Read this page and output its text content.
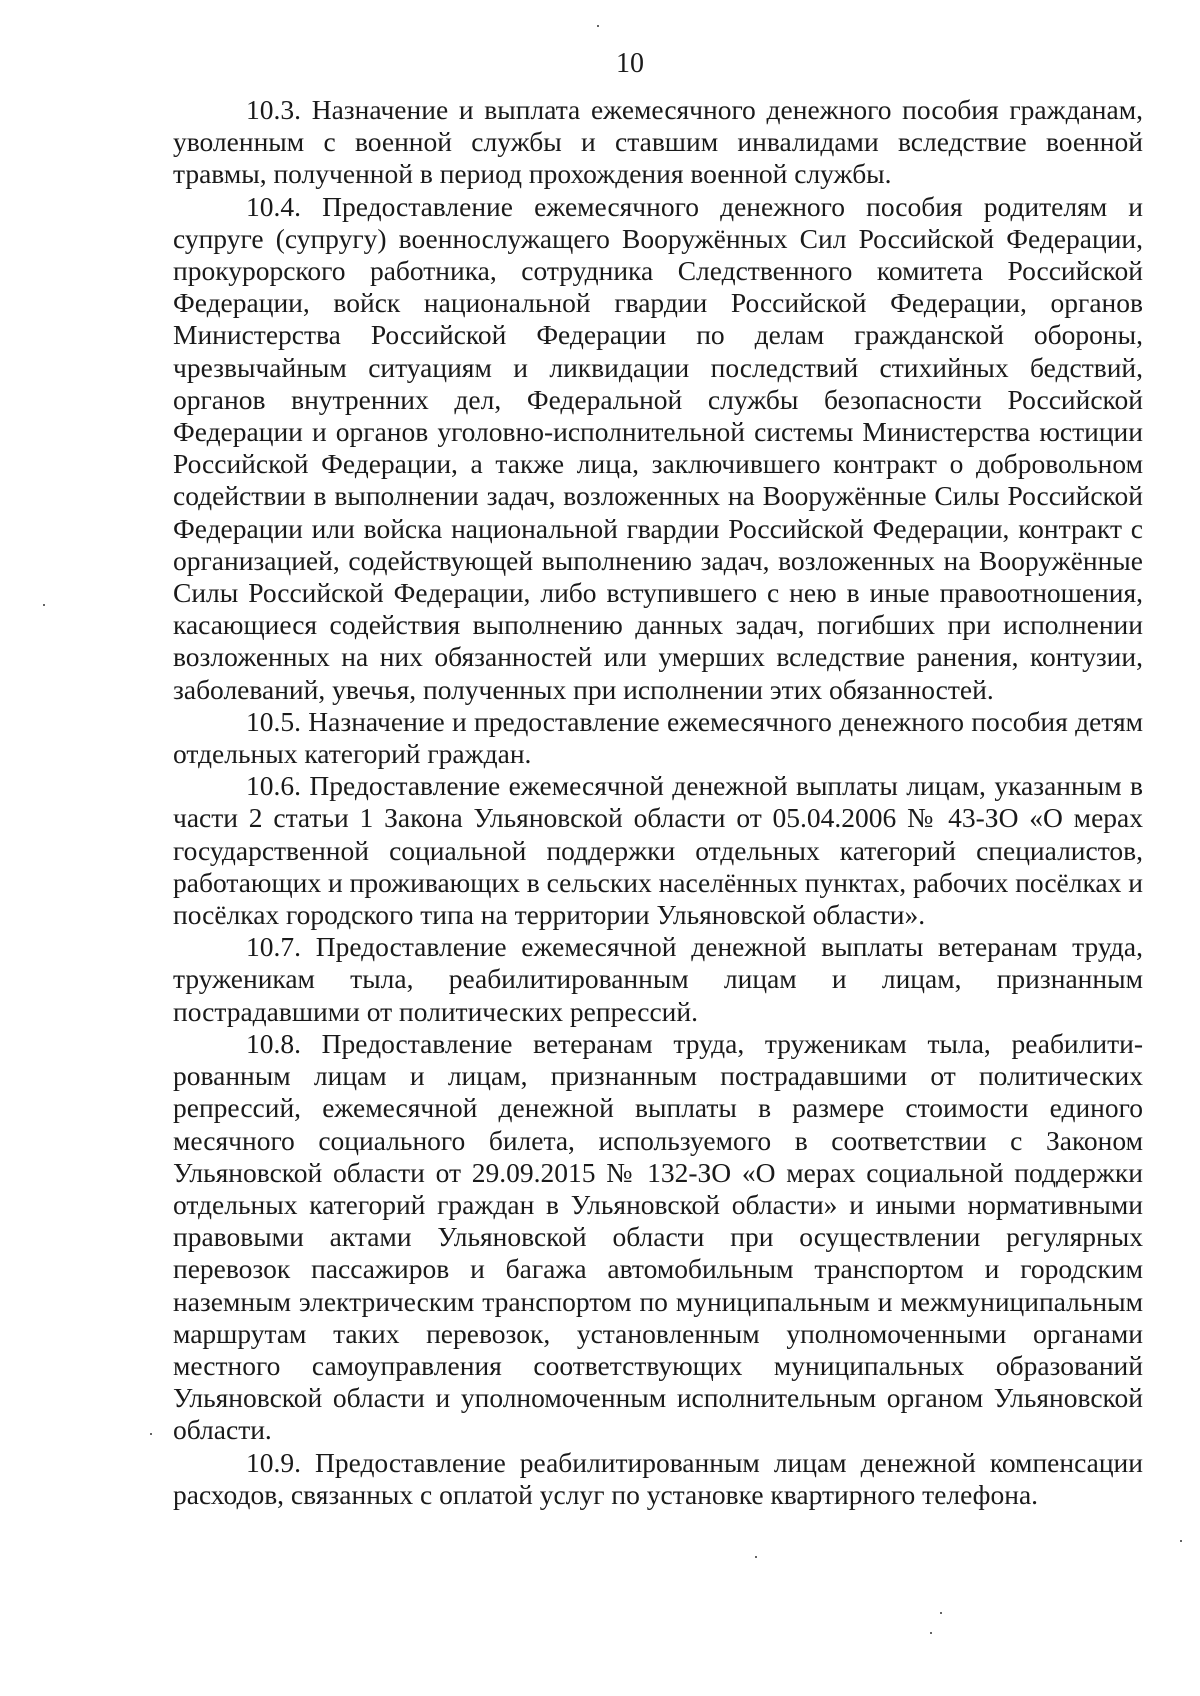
10

10.3. Назначение и выплата ежемесячного денежного пособия гражданам, уволенным с военной службы и ставшим инвалидами вследствие военной травмы, полученной в период прохождения военной службы.

10.4. Предоставление ежемесячного денежного пособия родителям и супруге (супругу) военнослужащего Вооружённых Сил Российской Федерации, прокурорского работника, сотрудника Следственного комитета Российской Федерации, войск национальной гвардии Российской Федерации, органов Министерства Российской Федерации по делам гражданской обороны, чрезвычайным ситуациям и ликвидации последствий стихийных бедствий, органов внутренних дел, Федеральной службы безопасности Российской Федерации и органов уголовно-исполнительной системы Министерства юстиции Российской Федерации, а также лица, заключившего контракт о добровольном содействии в выполнении задач, возложенных на Вооружённые Силы Российской Федерации или войска национальной гвардии Российской Федерации, контракт с организацией, содействующей выполнению задач, возложенных на Вооружённые Силы Российской Федерации, либо вступившего с нею в иные правоотношения, касающиеся содействия выполнению данных задач, погибших при исполнении возложенных на них обязанностей или умерших вследствие ранения, контузии, заболеваний, увечья, полученных при исполнении этих обязанностей.

10.5. Назначение и предоставление ежемесячного денежного пособия детям отдельных категорий граждан.

10.6. Предоставление ежемесячной денежной выплаты лицам, указанным в части 2 статьи 1 Закона Ульяновской области от 05.04.2006 № 43-ЗО «О мерах государственной социальной поддержки отдельных категорий специалистов, работающих и проживающих в сельских населённых пунктах, рабочих посёлках и посёлках городского типа на территории Ульяновской области».

10.7. Предоставление ежемесячной денежной выплаты ветеранам труда, труженикам тыла, реабилитированным лицам и лицам, признанным пострадавшими от политических репрессий.

10.8. Предоставление ветеранам труда, труженикам тыла, реабилитированным лицам и лицам, признанным пострадавшими от политических репрессий, ежемесячной денежной выплаты в размере стоимости единого месячного социального билета, используемого в соответствии с Законом Ульяновской области от 29.09.2015 № 132-ЗО «О мерах социальной поддержки отдельных категорий граждан в Ульяновской области» и иными нормативными правовыми актами Ульяновской области при осуществлении регулярных перевозок пассажиров и багажа автомобильным транспортом и городским наземным электрическим транспортом по муниципальным и межмуниципальным маршрутам таких перевозок, установленным уполномоченными органами местного самоуправления соответствующих муниципальных образований Ульяновской области и уполномоченным исполнительным органом Ульяновской области.

10.9. Предоставление реабилитированным лицам денежной компенсации расходов, связанных с оплатой услуг по установке квартирного телефона.
